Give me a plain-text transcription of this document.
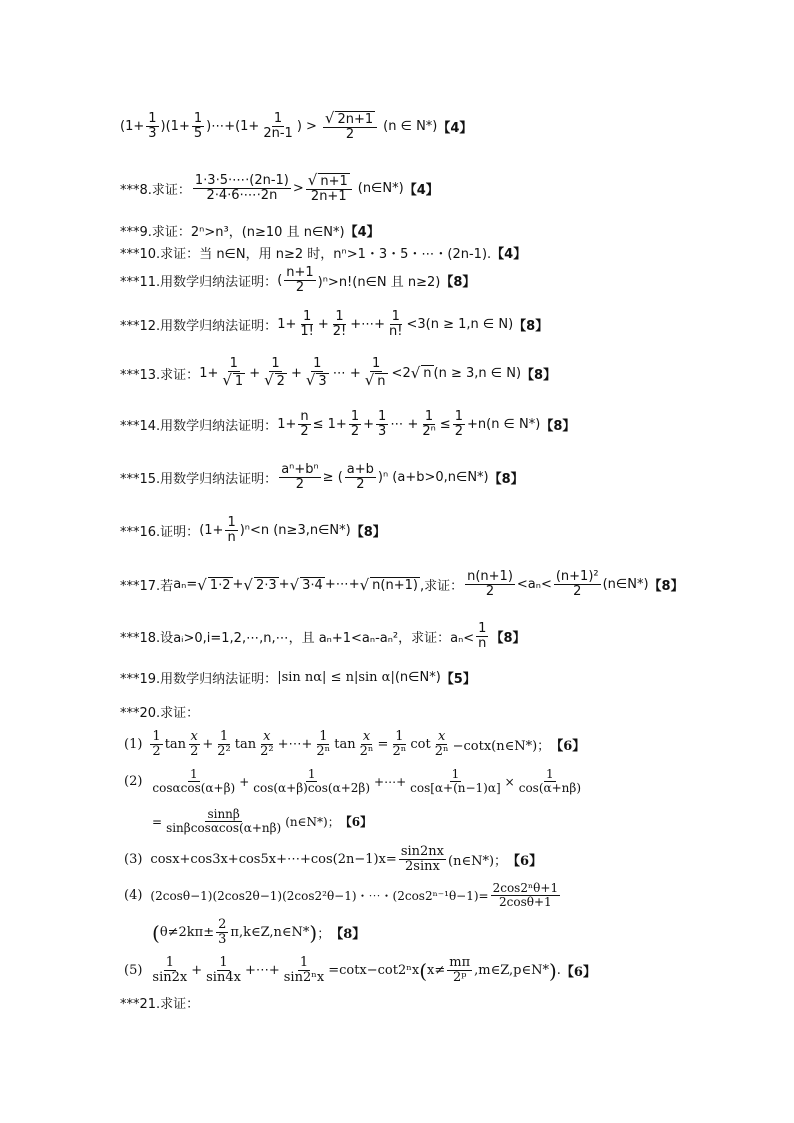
$(1+ \frac{1}{3} )(1+ \frac{1}{5}$ )⋯+(1+ $\frac{1}{2n-1}$ ) > $\frac{√ 2n+1}{2} (n$ ∈ N*) 【4】
***8.求证： $\frac{1\cdot 3\cdot 5\cdot\cdots\cdot(2n-1)}{2\cdot 4\cdot 6\cdot\cdots\cdot 2n} > \frac{√ n+1}{2n+1}$ (n∈N*) 【4】
***9.求证： 2ⁿ>n³，(n≥10 且 n∈N*) 【4】
***10.求证： 当 n∈N，用 n≥2 时，nⁿ>1・3・5・⋯・(2n-1). 【4】
***11.用数学归纳法证明： ( $\frac{n+1}{2}$ )ⁿ>n!(n∈N 且 n≥2) 【8】
***12.用数学归纳法证明： $1+ \frac{1}{1!} + \frac{1}{2!}$ +⋯+ $\frac{1}{n!} <3(n \ge 1,n$ ∈ N) 【8】
***13.求证： $1+ \frac{1}{√ 1} + \frac{1}{√ 2} + \frac{1}{√ 3}$ ⋯ + $\frac{1}{√ n} <2$ √ n (n ≥ 3,n ∈ N) 【8】
***14.用数学归纳法证明： $1+ \frac{n}{2} \le 1+ \frac{1}{2} + \frac{1}{3}$ ⋯ + $\frac{1}{\text{2ⁿ}} \le \frac{1}{2} +n(n$ ∈ N*) 【8】
***15.用数学归纳法证明： $\frac{\text{aⁿ+bⁿ}}{2}$ ≥ ( $\frac{a+b}{2} )^n$ (a+b>0,n∈N*) 【8】
***16.证明： $(1+ \frac{1}{n} )^n<n$ (n≥3,n∈N*) 【8】
***17.若 aₙ = √ 1⋅2 + √ 2⋅3 + √ 3⋅4 +⋯+ √ n(n+1) ,求证： $\frac{n(n+1)}{2} <a_n< \frac{\text{(n+1)²}}{2}$ (n∈N*) 【8】
***18.设 aᵢ>0,i=1,2,⋯,n,⋯，且 aₙ+1<aₙ-aₙ²，求证：$a_n< \frac{1}{n}$ 【8】
***19.用数学归纳法证明： |sin nα| ≤ n|sin α| (n∈N*) 【5】
***20.求证：
$(1) \frac{1}{2}$ $\tan \frac{x}{2} + \frac{1}{\text{2²}}$ $\tan \frac{x}{\text{2²}}$ +⋯+ $\frac{1}{\text{2ⁿ}}$ $\tan \frac{x}{\text{2ⁿ}} = \frac{1}{\text{2ⁿ}}$ $\cot \frac{x}{\text{2ⁿ}}$ −cotx(n∈N*)； 【6】
$(2) \frac{1}{\cos\alpha\cos(\alpha+\beta)} + \frac{1}{\cos(\alpha+\beta)\cos(\alpha+2\beta)}$ +⋯+ $\frac{1}{\cos[\alpha+(n-1)\alpha]} \times \frac{1}{\cos(\alpha+n\beta)}$
= $\frac{\sin n\beta}{\sin\beta\cos\alpha\cos(\alpha+n\beta)}$ (n∈N*)； 【6】
(3) cosx+cos3x+cos5x+⋯+cos(2n−1)x= $\frac{\sin 2nx}{2\sin x}$ (n∈N*)； 【6】
(4) (2cosθ−1)(2cos2θ−1)(2cos2²θ−1)・⋯・$(2\cos 2^{n-1}\theta-1)= \frac{\text{2cos2ⁿθ+1}}{2\cos\theta+1}$
( $\theta\ne 2k\pi\pm \frac{2}{3}$ π,k∈Z,n∈N* ) ； 【8】
$(5) \frac{1}{\sin 2x} + \frac{1}{\sin 4x}$ +⋯+ $\frac{1}{\text{sin2ⁿx}} =\cot x-\cot 2^nx$ ( $x\ne \frac{m\pi}{\text{2ᵖ}}$ ,m∈Z,p∈N* ) . 【6】
***21.求证：
